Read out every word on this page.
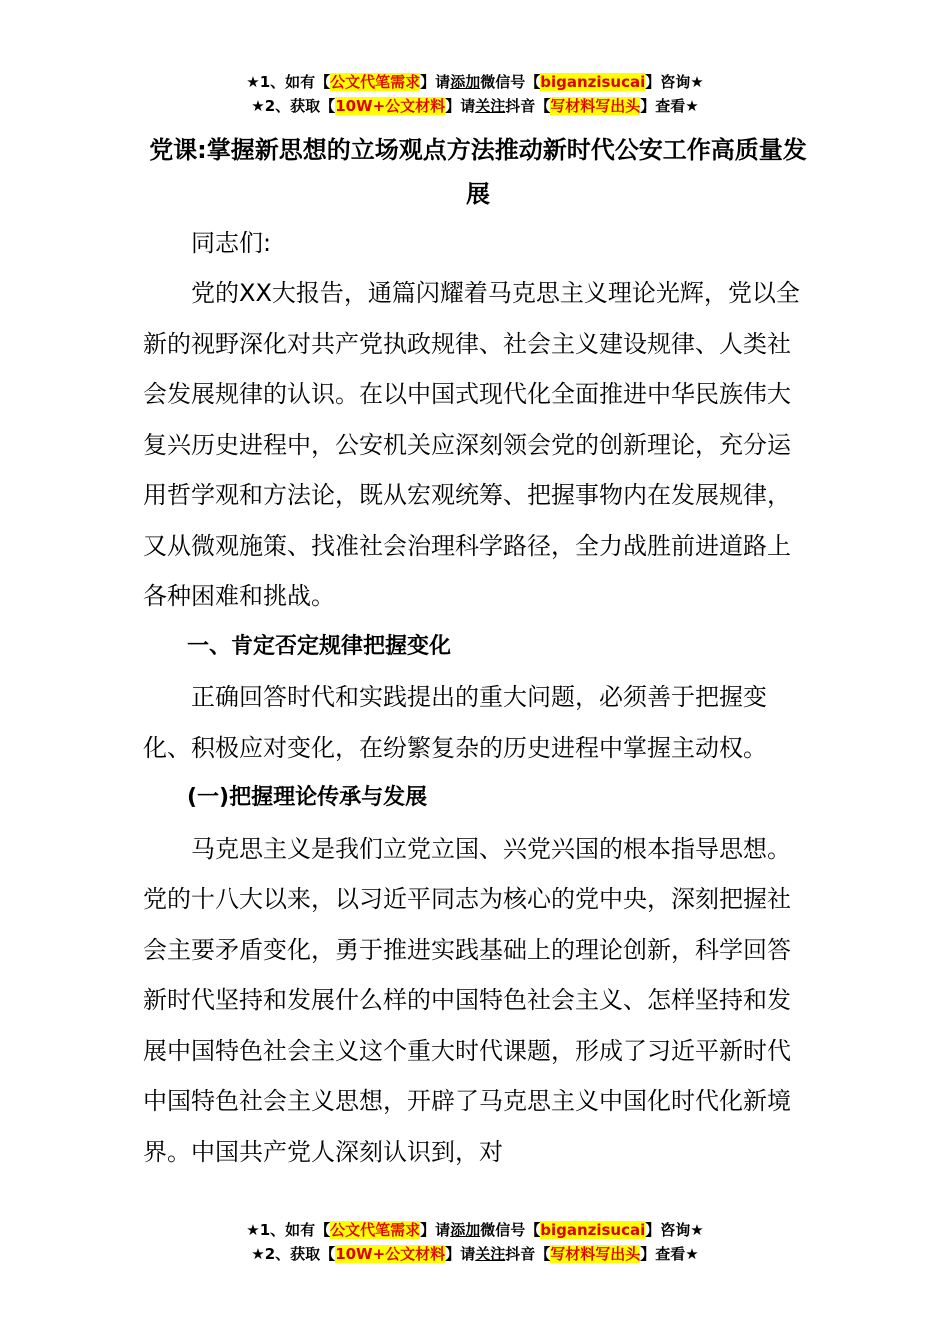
★1、如有【公文代笔需求】请添加微信号【biganzisucai】咨询★
★2、获取【10W+公文材料】请关注抖音【写材料写出头】查看★

党课:掌握新思想的立场观点方法推动新时代公安工作高质量发展

同志们:

党的XX大报告，通篇闪耀着马克思主义理论光辉，党以全新的视野深化对共产党执政规律、社会主义建设规律、人类社会发展规律的认识。在以中国式现代化全面推进中华民族伟大复兴历史进程中，公安机关应深刻领会党的创新理论，充分运用哲学观和方法论，既从宏观统筹、把握事物内在发展规律，又从微观施策、找准社会治理科学路径，全力战胜前进道路上各种困难和挑战。

一、肯定否定规律把握变化

正确回答时代和实践提出的重大问题，必须善于把握变化、积极应对变化，在纷繁复杂的历史进程中掌握主动权。

(一)把握理论传承与发展

马克思主义是我们立党立国、兴党兴国的根本指导思想。党的十八大以来，以习近平同志为核心的党中央，深刻把握社会主要矛盾变化，勇于推进实践基础上的理论创新，科学回答新时代坚持和发展什么样的中国特色社会主义、怎样坚持和发展中国特色社会主义这个重大时代课题，形成了习近平新时代中国特色社会主义思想，开辟了马克思主义中国化时代化新境界。中国共产党人深刻认识到，对

★1、如有【公文代笔需求】请添加微信号【biganzisucai】咨询★
★2、获取【10W+公文材料】请关注抖音【写材料写出头】查看★
